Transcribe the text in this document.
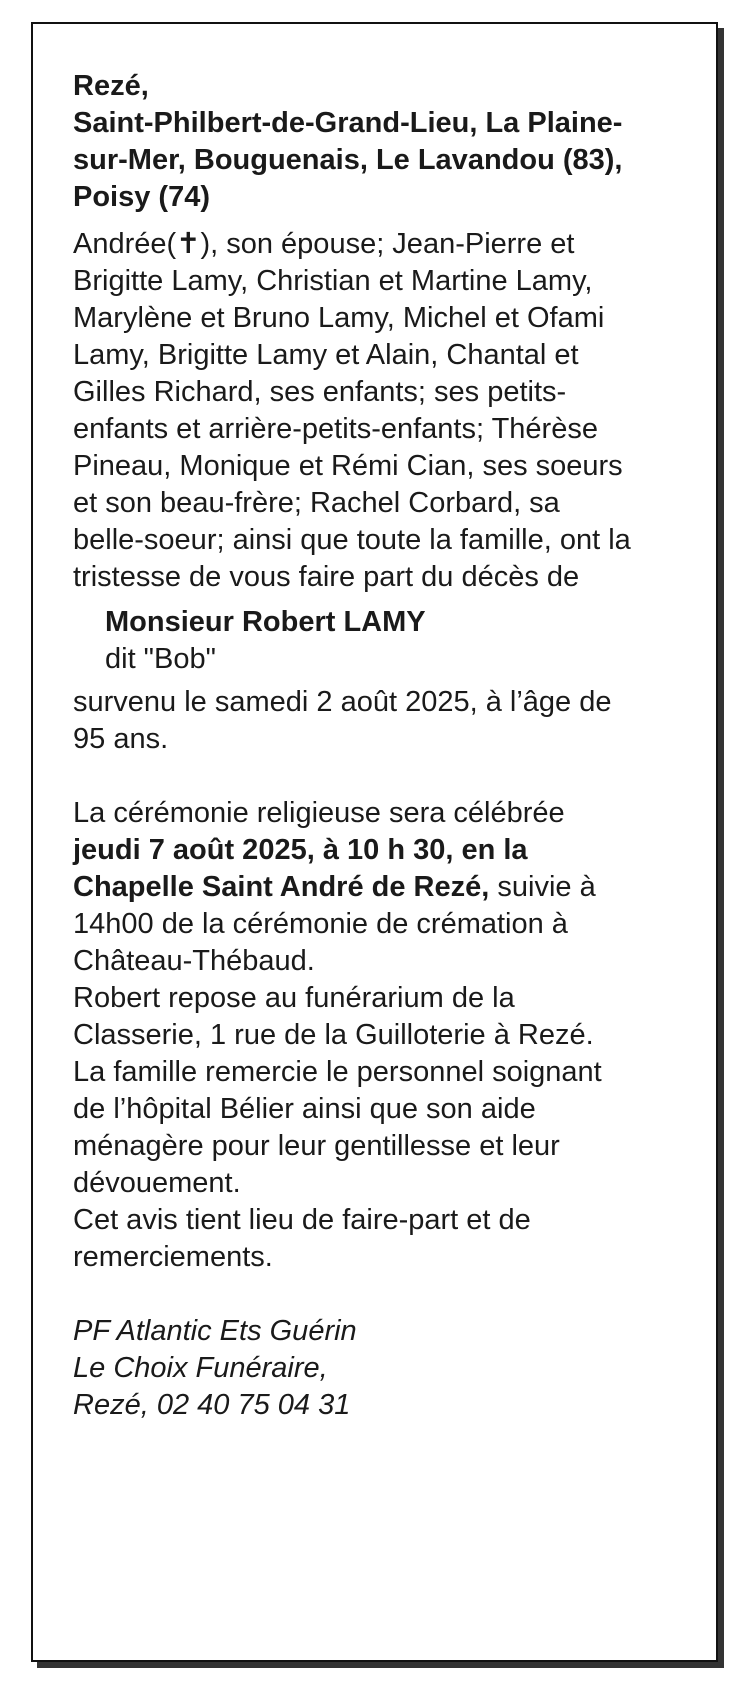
Rezé,
Saint-Philbert-de-Grand-Lieu, La Plaine-sur-Mer, Bouguenais, Le Lavandou (83), Poisy (74)

Andrée(✝), son épouse; Jean-Pierre et Brigitte Lamy, Christian et Martine Lamy, Marylène et Bruno Lamy, Michel et Ofami Lamy, Brigitte Lamy et Alain, Chantal et Gilles Richard, ses enfants; ses petits-enfants et arrière-petits-enfants; Thérèse Pineau, Monique et Rémi Cian, ses soeurs et son beau-frère; Rachel Corbard, sa belle-soeur; ainsi que toute la famille, ont la tristesse de vous faire part du décès de

Monsieur Robert LAMY
dit "Bob"

survenu le samedi 2 août 2025, à l’âge de 95 ans.

La cérémonie religieuse sera célébrée jeudi 7 août 2025, à 10 h 30, en la Chapelle Saint André de Rezé, suivie à 14h00 de la cérémonie de crémation à Château-Thébaud.

Robert repose au funérarium de la Classerie, 1 rue de la Guilloterie à Rezé.

La famille remercie le personnel soignant de l’hôpital Bélier ainsi que son aide ménagère pour leur gentillesse et leur dévouement.

Cet avis tient lieu de faire-part et de remerciements.

PF Atlantic Ets Guérin
Le Choix Funéraire,
Rezé, 02 40 75 04 31
